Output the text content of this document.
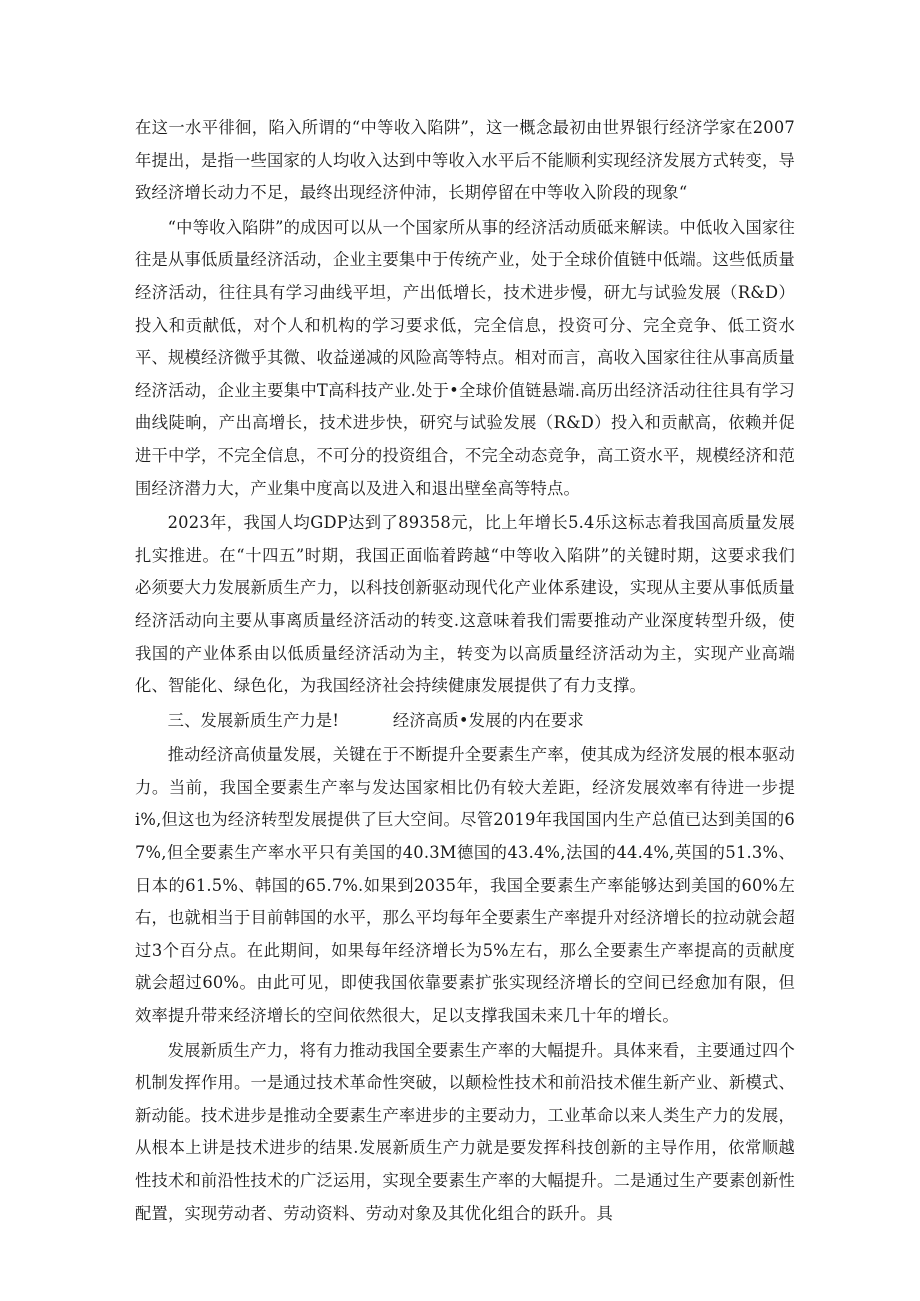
在这一水平徘徊，陷入所谓的“中等收入陷阱”，这一概念最初由世界银行经济学家在2007年提出，是指一些国家的人均收入达到中等收入水平后不能顺利实现经济发展方式转变，导致经济增长动力不足，最终出现经济仲沛，长期停留在中等收入阶段的现象“

“中等收入陷阱”的成因可以从一个国家所从事的经济活动质砥来解读。中低收入国家往往是从事低质量经济活动，企业主要集中于传统产业，处于全球价值链中低端。这些低质量经济活动，往往具有学习曲线平坦，产出低增长，技术进步慢，研尢与试验发展（R&D）投入和贡献低，对个人和机构的学习要求低，完全信息，投资可分、完全竞争、低工资水平、规模经济微乎其微、收益递减的风险高等特点。相对而言，高收入国家往往从事高质量经济活动，企业主要集中T高科技产业.处于•全球价值链悬端.高历出经济活动往往具有学习曲线陡晌，产出高增长，技术进步快，研究与试验发展（R&D）投入和贡献高，依赖并促进干中学，不完全信息，不可分的投资组合，不完全动态竞争，高工资水平，规模经济和范围经济潜力大，产业集中度高以及进入和退出壁垒高等特点。

2023年，我国人均GDP达到了89358元，比上年增长5.4乐这标志着我国高质量发展扎实推进。在“十四五”时期，我国正面临着跨越“中等收入陷阱”的关键时期，这要求我们必须要大力发展新质生产力，以科技创新驱动现代化产业体系建设，实现从主要从事低质量经济活动向主要从事离质量经济活动的转变.这意味着我们需要推动产业深度转型升级，使我国的产业体系由以低质量经济活动为主，转变为以高质量经济活动为主，实现产业高端化、智能化、绿色化，为我国经济社会持续健康发展提供了有力支撑。

三、发展新质生产力是!          经济高质•发展的内在要求

推动经济高侦量发展，关键在于不断提升全要素生产率，使其成为经济发展的根本驱动力。当前，我国全要素生产率与发达国家相比仍有较大差距，经济发展效率有待进一步提i%,但这也为经济转型发展提供了巨大空间。尽管2019年我国国内生产总值已达到美国的67%,但全要素生产率水平只有美国的40.3M德国的43.4%,法国的44.4%,英国的51.3%、日本的61.5%、韩国的65.7%.如果到2035年，我国全要素生产率能够达到美国的60%左右，也就相当于目前韩国的水平，那么平均每年全要素生产率提升对经济增长的拉动就会超过3个百分点。在此期间，如果每年经济增长为5%左右，那么全要素生产率提高的贡献度就会超过60%。由此可见，即使我国依靠要素扩张实现经济增长的空间已经愈加有限，但效率提升带来经济增长的空间依然很大，足以支撑我国未来几十年的增长。

发展新质生产力，将有力推动我国全要素生产率的大幅提升。具体来看，主要通过四个机制发挥作用。一是通过技术革命性突破，以颠检性技术和前沿技术催生新产业、新模式、新动能。技术进步是推动全要素生产率进步的主要动力，工业革命以来人类生产力的发展，从根本上讲是技术进步的结果.发展新质生产力就是要发挥科技创新的主导作用，依常顺越性技术和前沿性技术的广泛运用，实现全要素生产率的大幅提升。二是通过生产要素创新性配置，实现劳动者、劳动资料、劳动对象及其优化组合的跃升。具
